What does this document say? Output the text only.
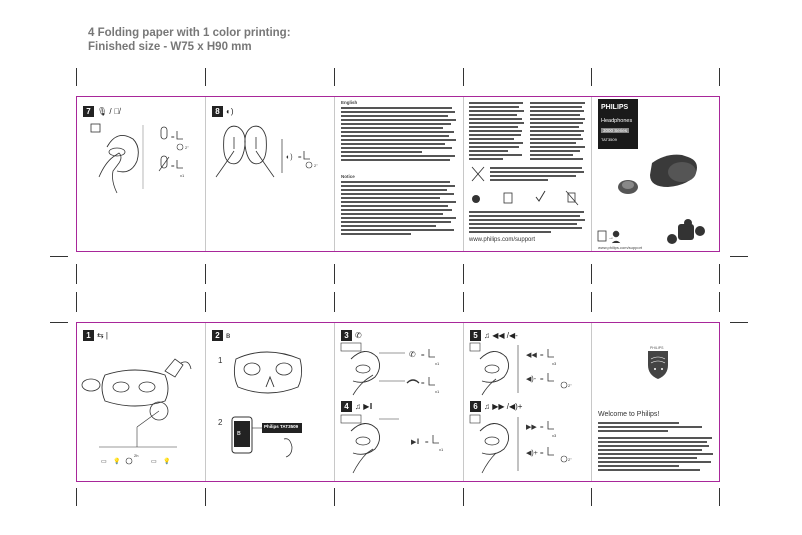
4 Folding paper with 1 color printing:
Finished size - W75 x H90 mm
7 🎙 / 🎙̸
=
2"
=
x1
8 ◐)
◐) =
2"
English
Notice
www.philips.com/support
PHILIPS
Headphones
3000 Series
TAT3509
→
www.philips.com/support
1 ⇆ |
▭ 💡
2h
▭ 💡
2 ʙ
1
2
ʙ
Philips TAT3509
3 ✆
✆ =
x1
=
x1
4 ♫ ▶‖
▶‖ =
x1
5 ♫ ◀◀ /◀-
◀◀ =
x3
◀)- =
2"
6 ♫ ▶▶ /◀)+
▶▶ =
x3
◀)+ =
2"
PHILIPS
Welcome to Philips!
